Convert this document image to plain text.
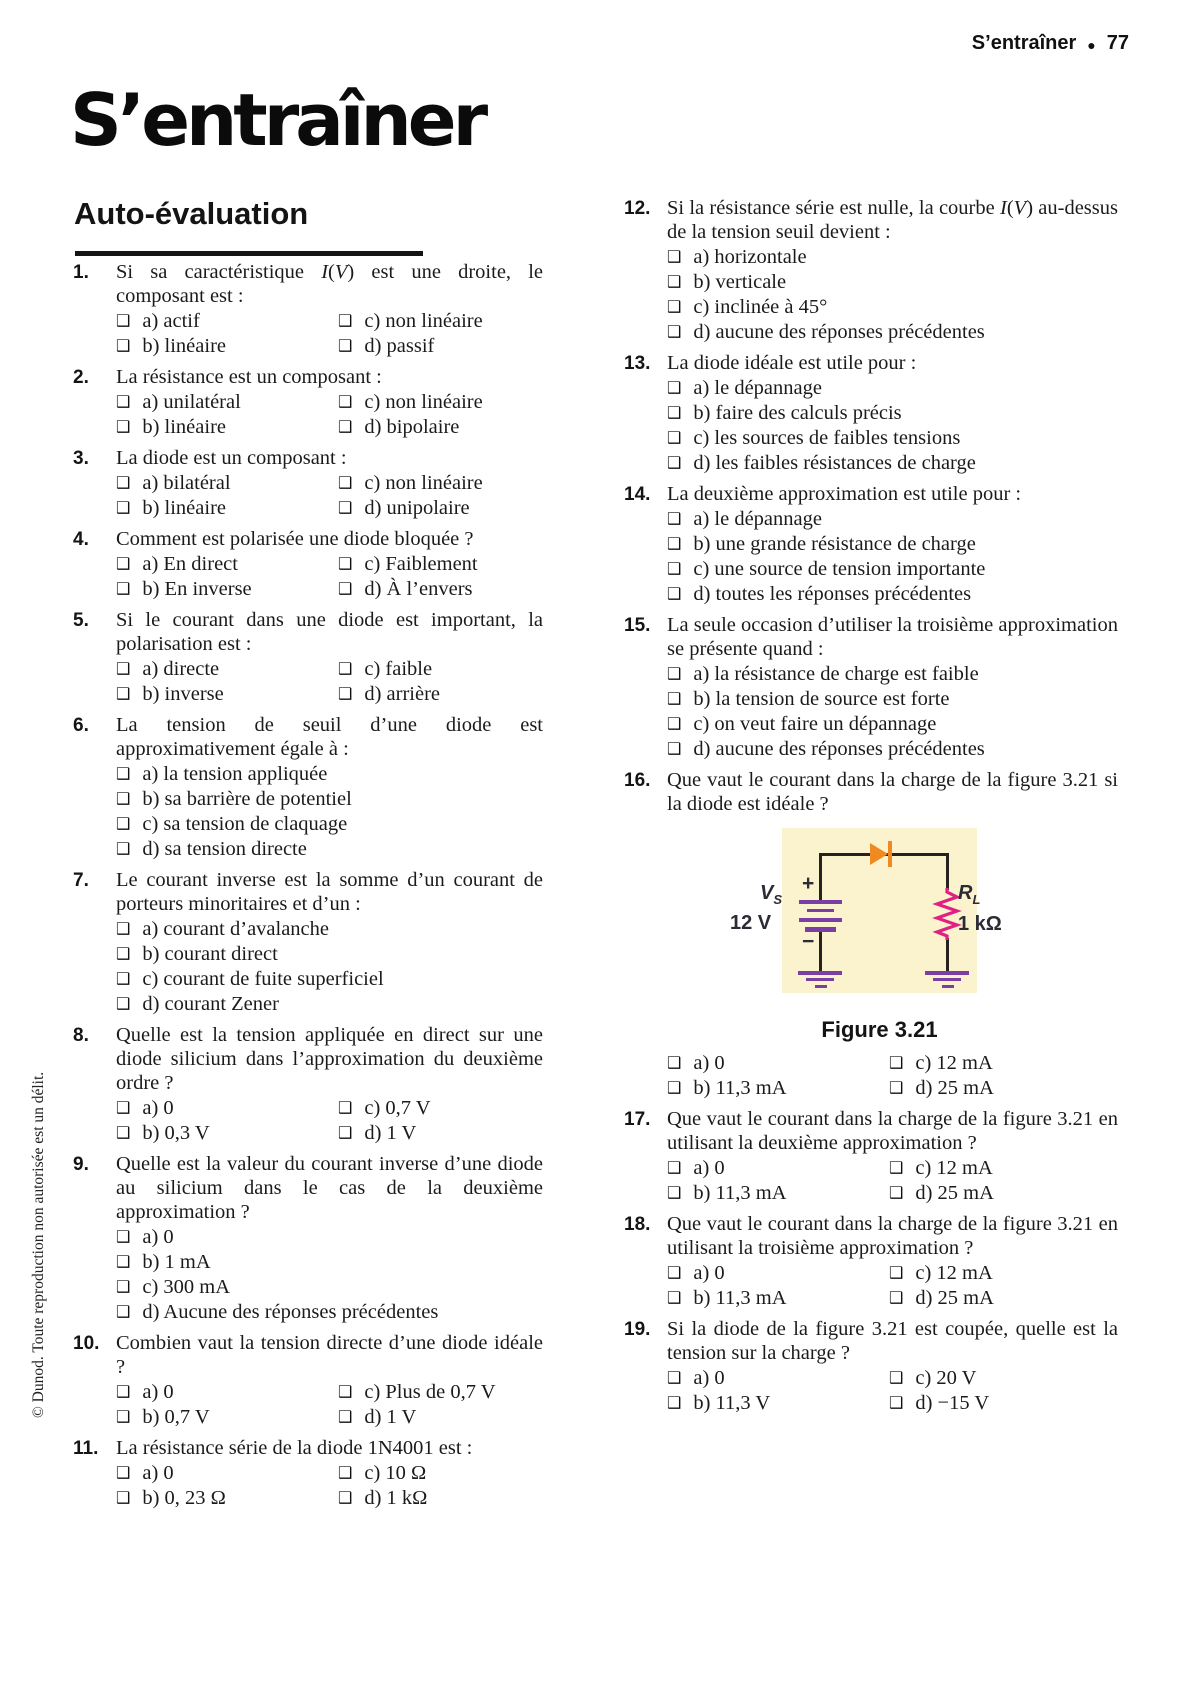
S’entraîner ● 77
S’entraîner
Auto-évaluation
© Dunod. Toute reproduction non autorisée est un délit.
1.	Si sa caractéristique I(V) est une droite, le composant est :
❑ a) actif
❑ b) linéaire
❑ c) non linéaire
❑ d) passif
2.	La résistance est un composant :
❑ a) unilatéral
❑ b) linéaire
❑ c) non linéaire
❑ d) bipolaire
3.	La diode est un composant :
❑ a) bilatéral
❑ b) linéaire
❑ c) non linéaire
❑ d) unipolaire
4.	Comment est polarisée une diode bloquée ?
❑ a) En direct
❑ b) En inverse
❑ c) Faiblement
❑ d) À l’envers
5.	Si le courant dans une diode est important, la polarisation est :
❑ a) directe
❑ b) inverse
❑ c) faible
❑ d) arrière
6.	La tension de seuil d’une diode est approximativement égale à :
❑ a) la tension appliquée
❑ b) sa barrière de potentiel
❑ c) sa tension de claquage
❑ d) sa tension directe
7.	Le courant inverse est la somme d’un courant de porteurs minoritaires et d’un :
❑ a) courant d’avalanche
❑ b) courant direct
❑ c) courant de fuite superficiel
❑ d) courant Zener
8.	Quelle est la tension appliquée en direct sur une diode silicium dans l’approximation du deuxième ordre ?
❑ a) 0
❑ b) 0,3 V
❑ c) 0,7 V
❑ d) 1 V
9.	Quelle est la valeur du courant inverse d’une diode au silicium dans le cas de la deuxième approximation ?
❑ a) 0
❑ b) 1 mA
❑ c) 300 mA
❑ d) Aucune des réponses précédentes
10. Combien vaut la tension directe d’une diode idéale ?
❑ a) 0
❑ b) 0,7 V
❑ c) Plus de 0,7 V
❑ d) 1 V
11. La résistance série de la diode 1N4001 est :
❑ a) 0
❑ b) 0, 23 Ω
❑ c) 10 Ω
❑ d) 1 kΩ
12. Si la résistance série est nulle, la courbe I(V) au-dessus de la tension seuil devient :
❑ a) horizontale
❑ b) verticale
❑ c) inclinée à 45°
❑ d) aucune des réponses précédentes
13. La diode idéale est utile pour :
❑ a) le dépannage
❑ b) faire des calculs précis
❑ c) les sources de faibles tensions
❑ d) les faibles résistances de charge
14. La deuxième approximation est utile pour :
❑ a) le dépannage
❑ b) une grande résistance de charge
❑ c) une source de tension importante
❑ d) toutes les réponses précédentes
15. La seule occasion d’utiliser la troisième approximation se présente quand :
❑ a) la résistance de charge est faible
❑ b) la tension de source est forte
❑ c) on veut faire un dépannage
❑ d) aucune des réponses précédentes
16. Que vaut le courant dans la charge de la figure 3.21 si la diode est idéale ?
+
−
$V_S$
12 V
$R_L$
1 kΩ
Figure 3.21
❑ a) 0
❑ b) 11,3 mA
❑ c) 12 mA
❑ d) 25 mA
17. Que vaut le courant dans la charge de la figure 3.21 en utilisant la deuxième approximation ?
❑ a) 0
❑ b) 11,3 mA
❑ c) 12 mA
❑ d) 25 mA
18. Que vaut le courant dans la charge de la figure 3.21 en utilisant la troisième approximation ?
❑ a) 0
❑ b) 11,3 mA
❑ c) 12 mA
❑ d) 25 mA
19. Si la diode de la figure 3.21 est coupée, quelle est la tension sur la charge ?
❑ a) 0
❑ b) 11,3 V
❑ c) 20 V
❑ d) −15 V
